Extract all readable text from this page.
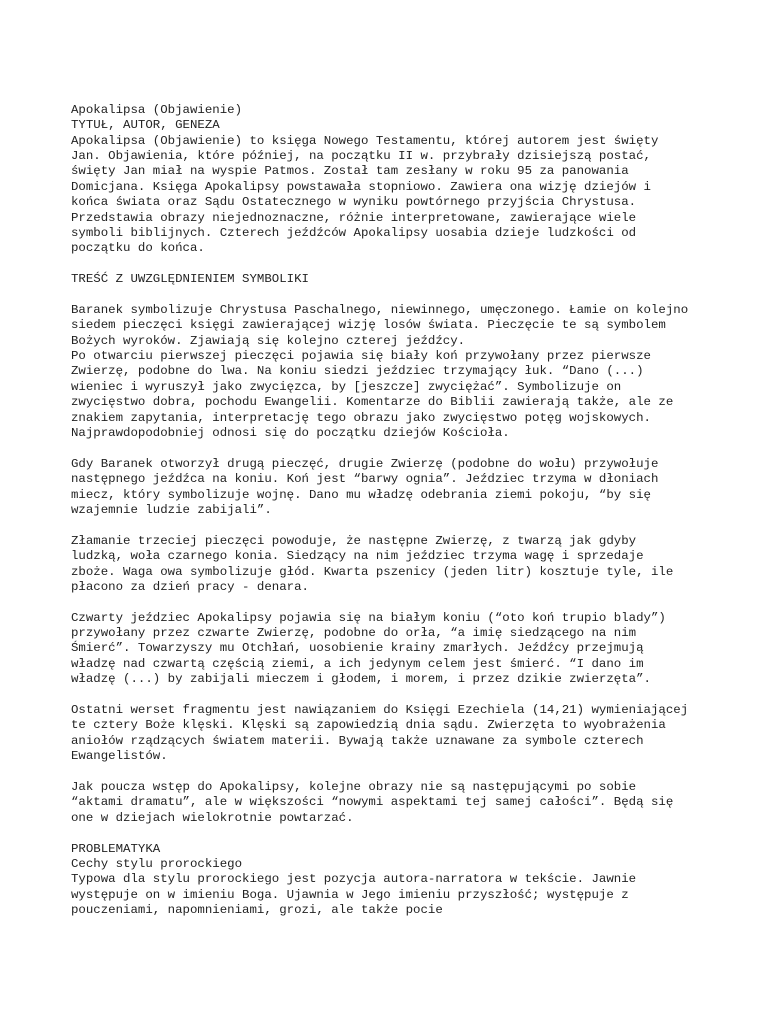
Apokalipsa (Objawienie)
TYTUŁ, AUTOR, GENEZA
Apokalipsa (Objawienie) to księga Nowego Testamentu, której autorem jest święty
Jan. Objawienia, które później, na początku II w. przybrały dzisiejszą postać,
święty Jan miał na wyspie Patmos. Został tam zesłany w roku 95 za panowania
Domicjana. Księga Apokalipsy powstawała stopniowo. Zawiera ona wizję dziejów i
końca świata oraz Sądu Ostatecznego w wyniku powtórnego przyjścia Chrystusa.
Przedstawia obrazy niejednoznaczne, różnie interpretowane, zawierające wiele
symboli biblijnych. Czterech jeźdźców Apokalipsy uosabia dzieje ludzkości od
początku do końca.
TREŚĆ Z UWZGLĘDNIENIEM SYMBOLIKI
Baranek symbolizuje Chrystusa Paschalnego, niewinnego, umęczonego. Łamie on kolejno
siedem pieczęci księgi zawierającej wizję losów świata. Pieczęcie te są symbolem
Bożych wyroków. Zjawiają się kolejno czterej jeźdźcy.
Po otwarciu pierwszej pieczęci pojawia się biały koń przywołany przez pierwsze
Zwierzę, podobne do lwa. Na koniu siedzi jeździec trzymający łuk. “Dano (...)
wieniec i wyruszył jako zwycięzca, by [jeszcze] zwyciężać”. Symbolizuje on
zwycięstwo dobra, pochodu Ewangelii. Komentarze do Biblii zawierają także, ale ze
znakiem zapytania, interpretację tego obrazu jako zwycięstwo potęg wojskowych.
Najprawdopodobniej odnosi się do początku dziejów Kościoła.
Gdy Baranek otworzył drugą pieczęć, drugie Zwierzę (podobne do wołu) przywołuje
następnego jeźdźca na koniu. Koń jest “barwy ognia”. Jeździec trzyma w dłoniach
miecz, który symbolizuje wojnę. Dano mu władzę odebrania ziemi pokoju, “by się
wzajemnie ludzie zabijali”.
Złamanie trzeciej pieczęci powoduje, że następne Zwierzę, z twarzą jak gdyby
ludzką, woła czarnego konia. Siedzący na nim jeździec trzyma wagę i sprzedaje
zboże. Waga owa symbolizuje głód. Kwarta pszenicy (jeden litr) kosztuje tyle, ile
płacono za dzień pracy - denara.
Czwarty jeździec Apokalipsy pojawia się na białym koniu (“oto koń trupio blady”)
przywołany przez czwarte Zwierzę, podobne do orła, “a imię siedzącego na nim
Śmierć”. Towarzyszy mu Otchłań, uosobienie krainy zmarłych. Jeźdźcy przejmują
władzę nad czwartą częścią ziemi, a ich jedynym celem jest śmierć. “I dano im
władzę (...) by zabijali mieczem i głodem, i morem, i przez dzikie zwierzęta”.
Ostatni werset fragmentu jest nawiązaniem do Księgi Ezechiela (14,21) wymieniającej
te cztery Boże klęski. Klęski są zapowiedzią dnia sądu. Zwierzęta to wyobrażenia
aniołów rządzących światem materii. Bywają także uznawane za symbole czterech
Ewangelistów.
Jak poucza wstęp do Apokalipsy, kolejne obrazy nie są następującymi po sobie
“aktami dramatu”, ale w większości “nowymi aspektami tej samej całości”. Będą się
one w dziejach wielokrotnie powtarzać.
PROBLEMATYKA
Cechy stylu prorockiego
Typowa dla stylu prorockiego jest pozycja autora-narratora w tekście. Jawnie
występuje on w imieniu Boga. Ujawnia w Jego imieniu przyszłość; występuje z
pouczeniami, napomnieniami, grozi, ale także pocie
